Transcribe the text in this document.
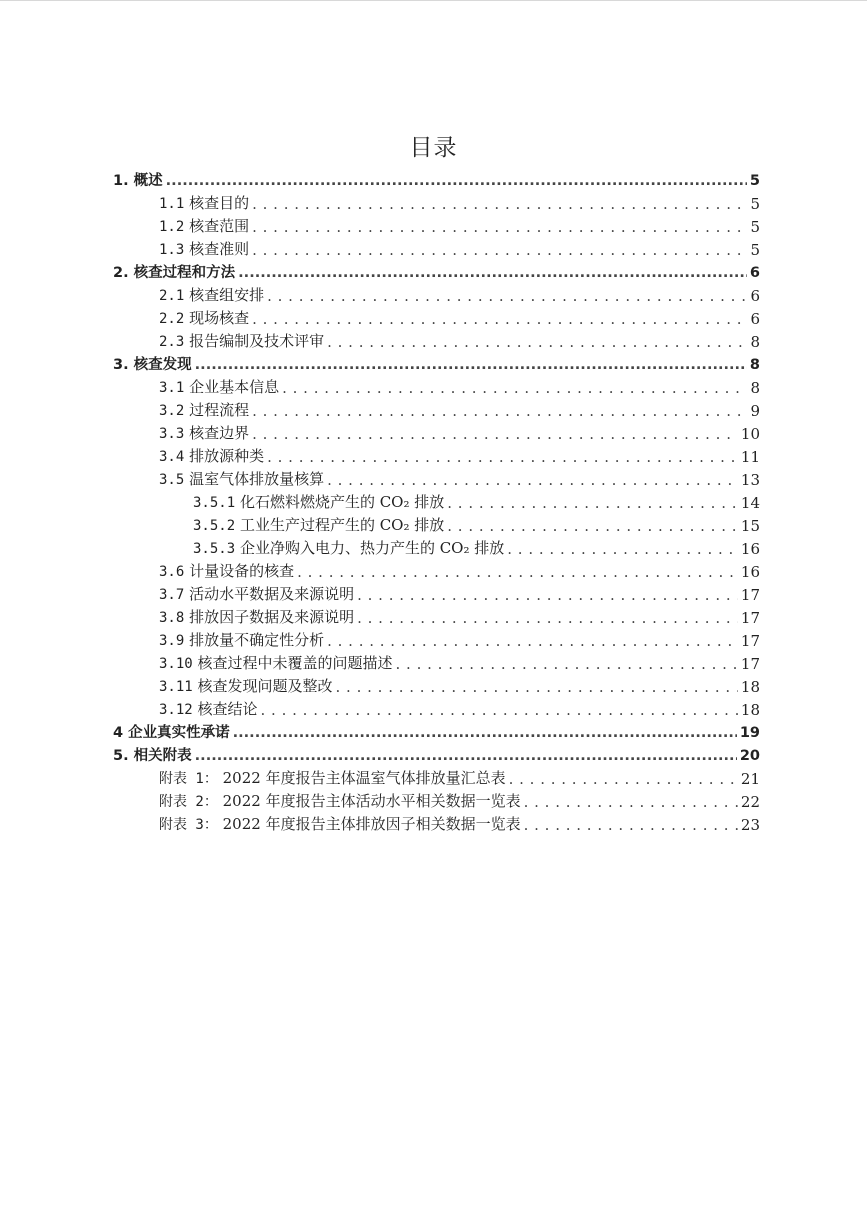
目录
1. 概述 .....	5
1.1 核查目的 . . .	5
1.2 核查范围 . . .	5
1.3 核查准则 . . .	5
2. 核查过程和方法 .....	6
2.1 核查组安排 . . .	6
2.2 现场核查 . . .	6
2.3 报告编制及技术评审 . . .	8
3. 核查发现 .....	8
3.1 企业基本信息 . . .	8
3.2 过程流程 . . .	9
3.3 核查边界 . . .	10
3.4 排放源种类 . . .	11
3.5 温室气体排放量核算 . . .	13
3.5.1 化石燃料燃烧产生的 CO₂ 排放 . . .	14
3.5.2 工业生产过程产生的 CO₂ 排放 . . .	15
3.5.3 企业净购入电力、热力产生的 CO₂ 排放 . . .	16
3.6 计量设备的核查 . . .	16
3.7 活动水平数据及来源说明 . . .	17
3.8 排放因子数据及来源说明 . . .	17
3.9 排放量不确定性分析 . . .	17
3.10 核查过程中未覆盖的问题描述 . . .	17
3.11 核查发现问题及整改 . . .	18
3.12 核查结论 . . .	18
4 企业真实性承诺 .....	19
5. 相关附表 .....	20
附表 1： 2022 年度报告主体温室气体排放量汇总表 . . .	21
附表 2： 2022 年度报告主体活动水平相关数据一览表 . . .	22
附表 3： 2022 年度报告主体排放因子相关数据一览表 . . .	23
